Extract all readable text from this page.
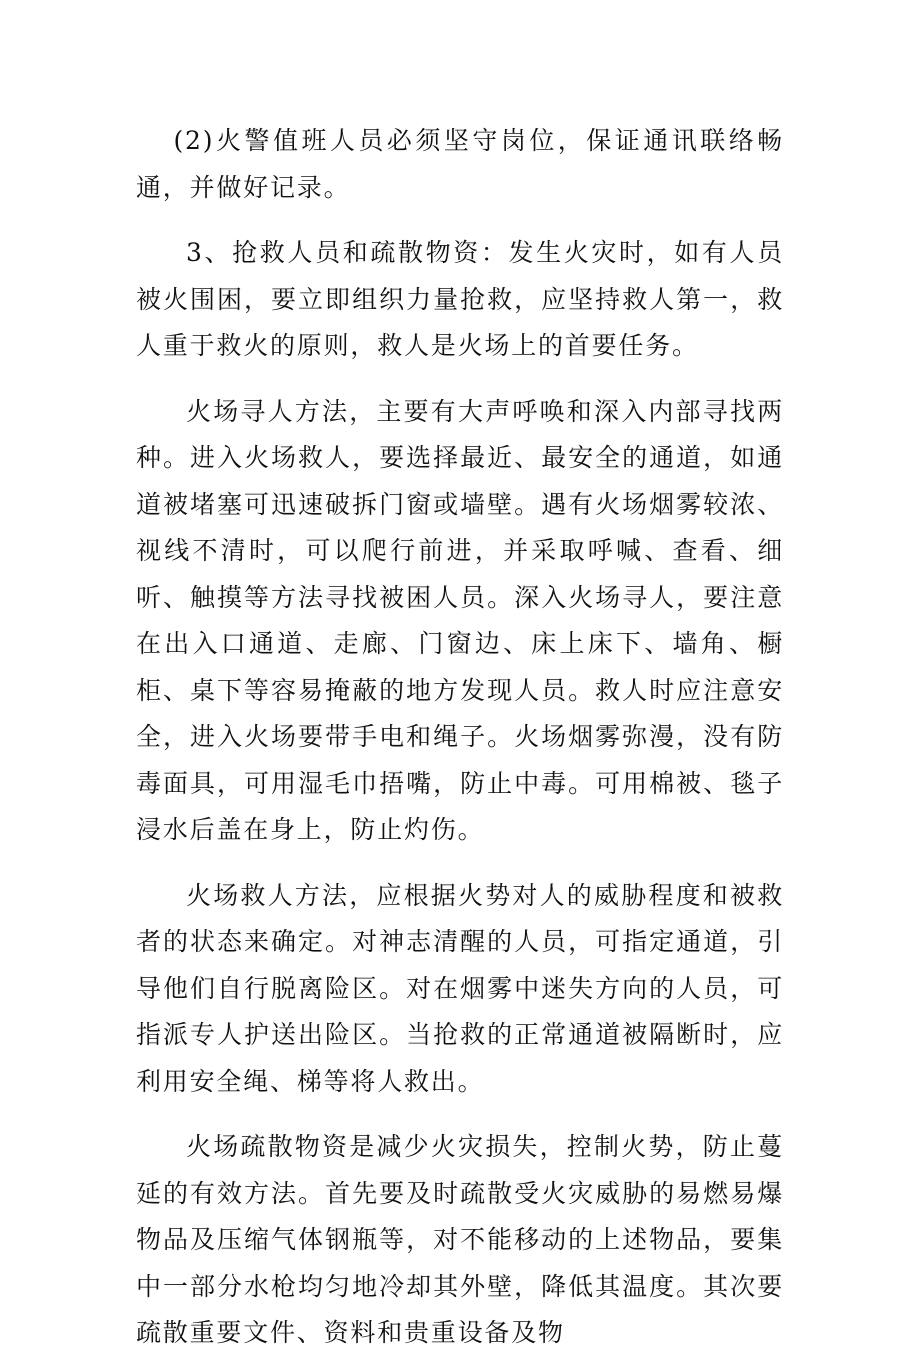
(2)火警值班人员必须坚守岗位，保证通讯联络畅通，并做好记录。

3、抢救人员和疏散物资：发生火灾时，如有人员被火围困，要立即组织力量抢救，应坚持救人第一，救人重于救火的原则，救人是火场上的首要任务。

火场寻人方法，主要有大声呼唤和深入内部寻找两种。进入火场救人，要选择最近、最安全的通道，如通道被堵塞可迅速破拆门窗或墙壁。遇有火场烟雾较浓、视线不清时，可以爬行前进，并采取呼喊、查看、细听、触摸等方法寻找被困人员。深入火场寻人，要注意在出入口通道、走廊、门窗边、床上床下、墙角、橱柜、桌下等容易掩蔽的地方发现人员。救人时应注意安全，进入火场要带手电和绳子。火场烟雾弥漫，没有防毒面具，可用湿毛巾捂嘴，防止中毒。可用棉被、毯子浸水后盖在身上，防止灼伤。

火场救人方法，应根据火势对人的威胁程度和被救者的状态来确定。对神志清醒的人员，可指定通道，引导他们自行脱离险区。对在烟雾中迷失方向的人员，可指派专人护送出险区。当抢救的正常通道被隔断时，应利用安全绳、梯等将人救出。

火场疏散物资是减少火灾损失，控制火势，防止蔓延的有效方法。首先要及时疏散受火灾威胁的易燃易爆物品及压缩气体钢瓶等，对不能移动的上述物品，要集中一部分水枪均匀地冷却其外壁，降低其温度。其次要疏散重要文件、资料和贵重设备及物
